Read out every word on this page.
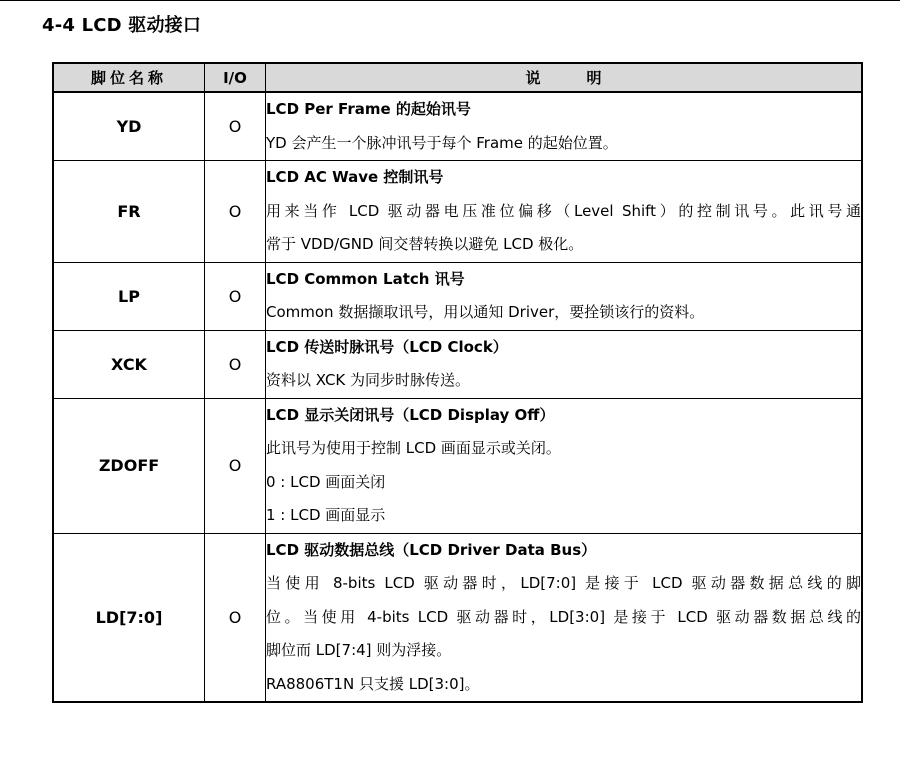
4-4 LCD 驱动接口
脚位名称	I/O	说 明
YD	O	LCD Per Frame 的起始讯号
YD 会产生一个脉冲讯号于每个 Frame 的起始位置。

FR	O	LCD AC Wave 控制讯号
用来当作 LCD 驱动器电压准位偏移（Level Shift）的控制讯号。此讯号通
常于 VDD/GND 间交替转换以避免 LCD 极化。

LP	O	LCD Common Latch 讯号
Common 数据撷取讯号，用以通知 Driver，要拴锁该行的资料。

XCK	O	LCD 传送时脉讯号（LCD Clock）
资料以 XCK 为同步时脉传送。

ZDOFF	O	LCD 显示关闭讯号（LCD Display Off）
此讯号为使用于控制 LCD 画面显示或关闭。
0 : LCD 画面关闭
1 : LCD 画面显示

LD[7:0]	O	LCD 驱动数据总线（LCD Driver Data Bus）
当使用 8-bits LCD 驱动器时，LD[7:0] 是接于 LCD 驱动器数据总线的脚
位。当使用 4-bits LCD 驱动器时，LD[3:0] 是接于 LCD 驱动器数据总线的
脚位而 LD[7:4] 则为浮接。
RA8806T1N 只支援 LD[3:0]。
